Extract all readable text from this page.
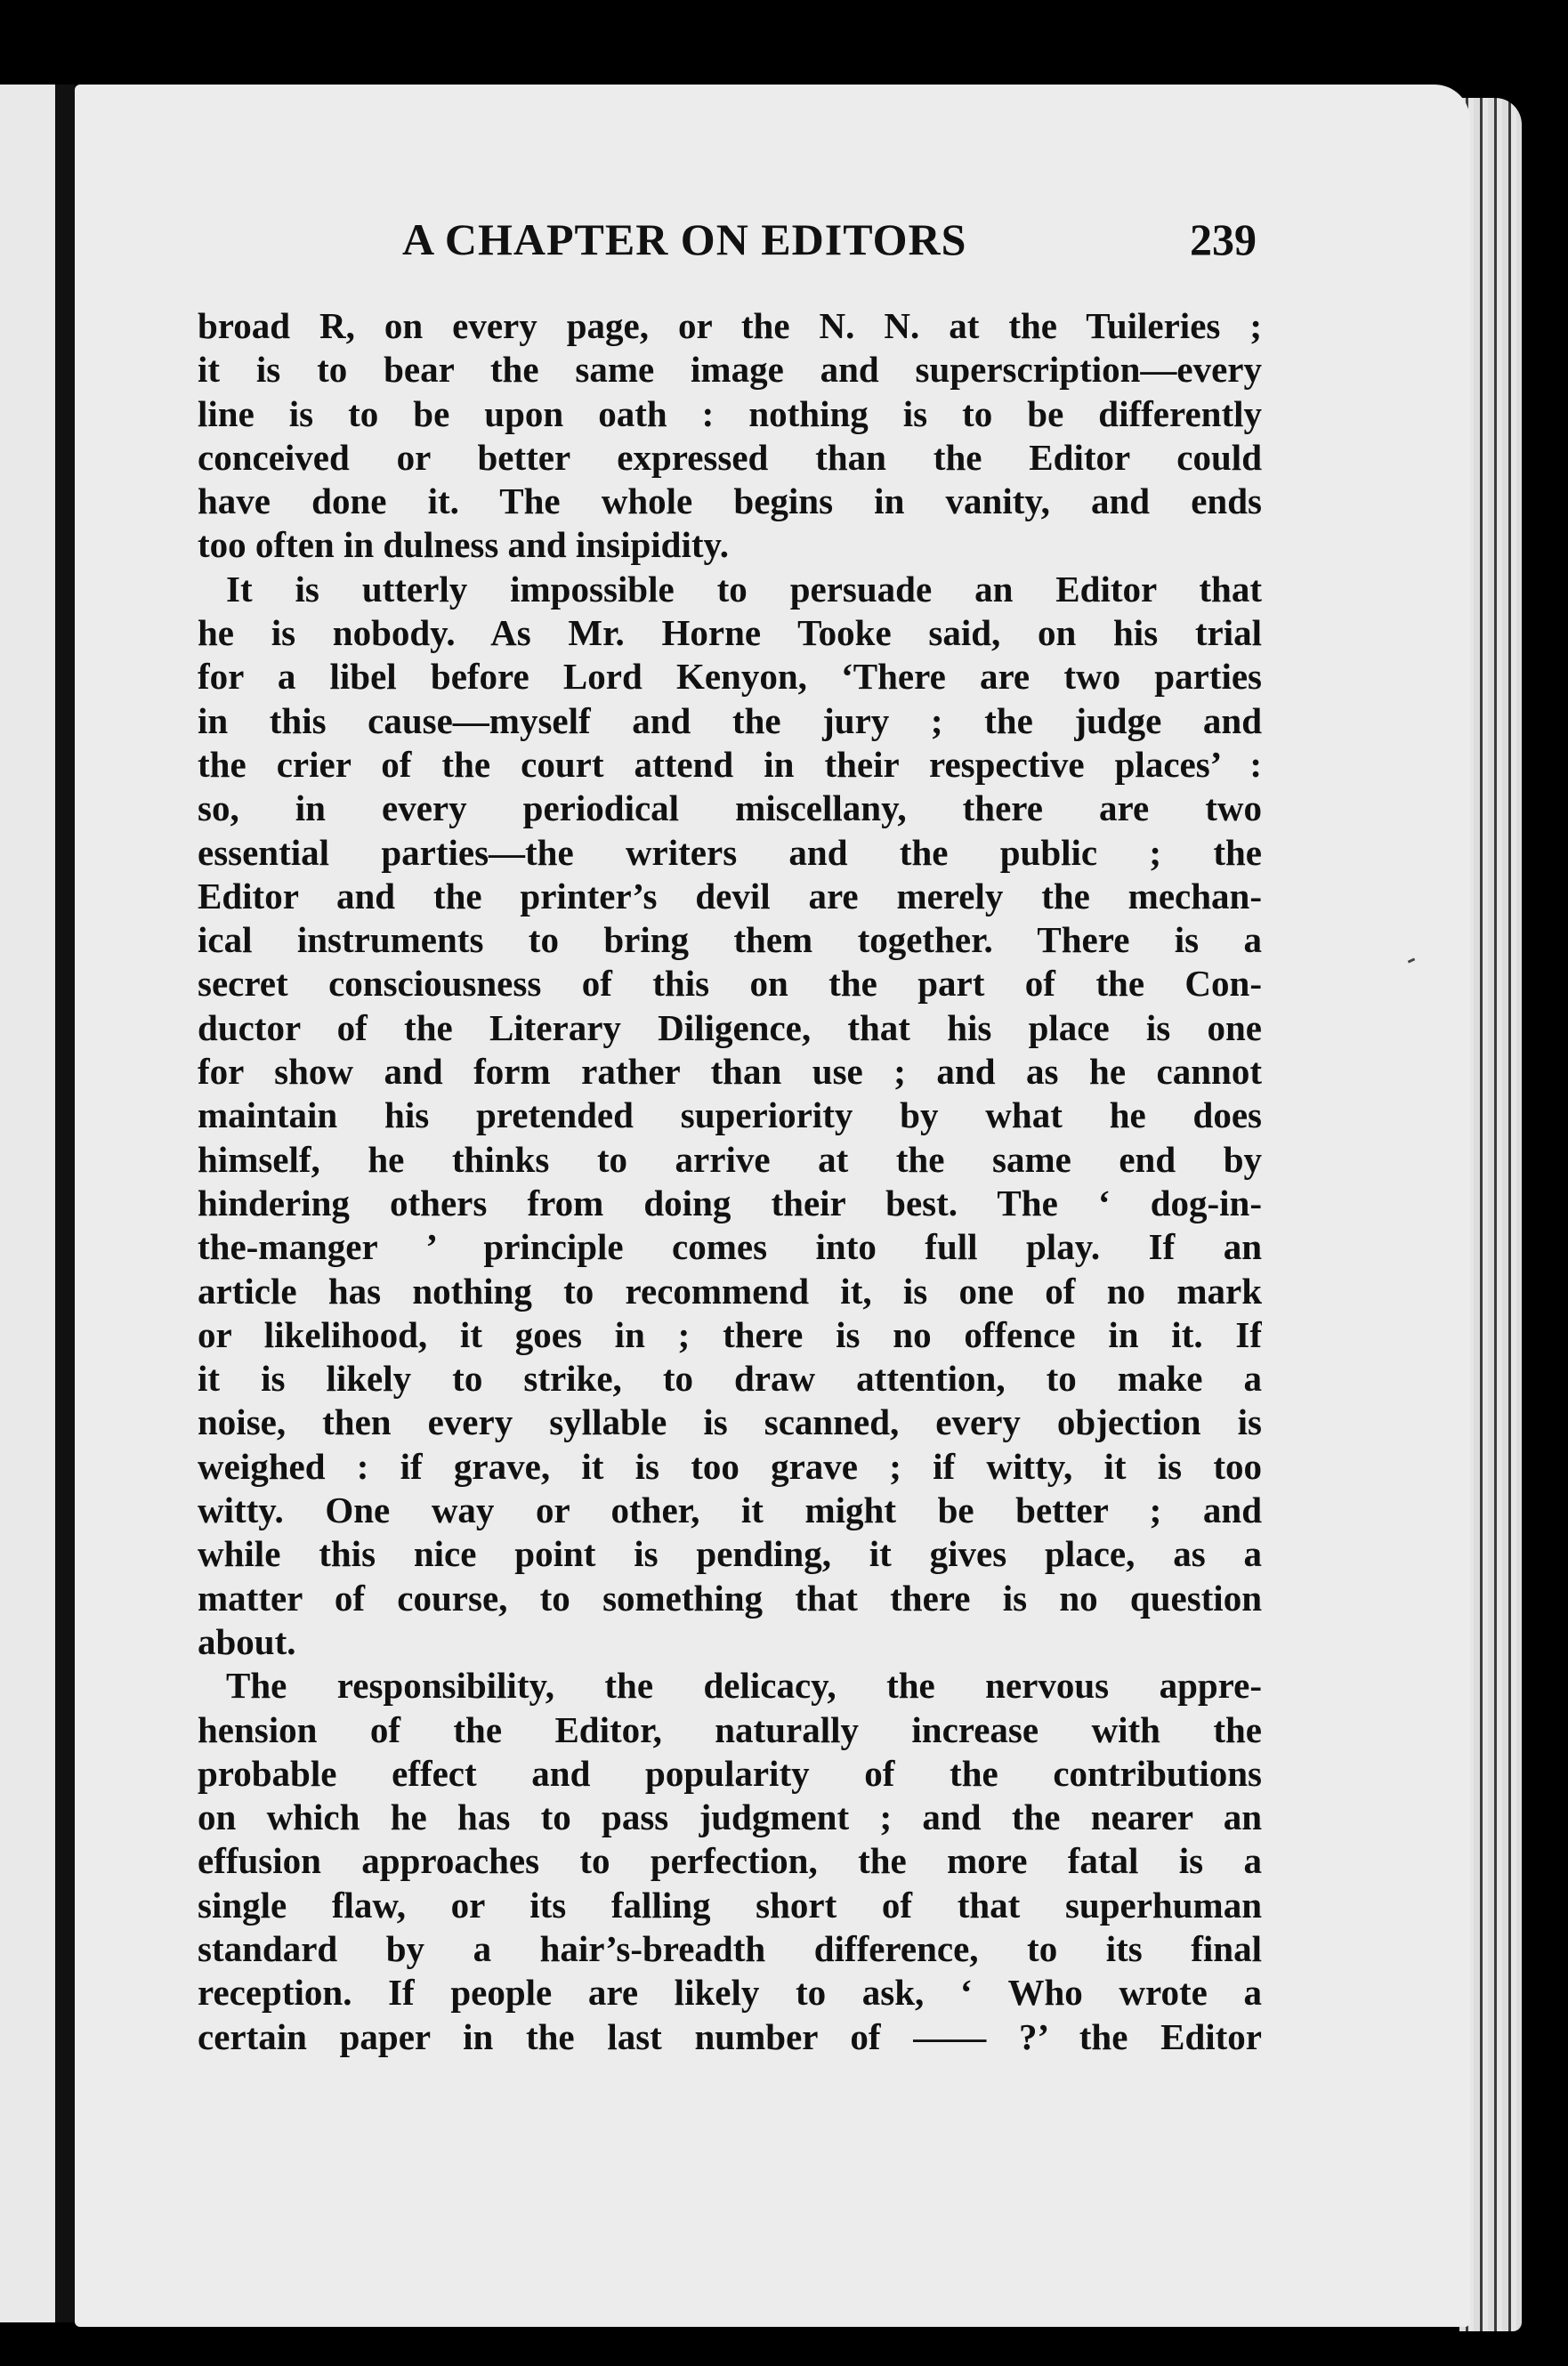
A CHAPTER ON EDITORS	239
broad R, on every page, or the N. N. at the Tuileries ;
it is to bear the same image and superscription—every
line is to be upon oath : nothing is to be differently
conceived or better expressed than the Editor could
have done it. The whole begins in vanity, and ends
too often in dulness and insipidity.
It is utterly impossible to persuade an Editor that
he is nobody. As Mr. Horne Tooke said, on his trial
for a libel before Lord Kenyon, ‘There are two parties
in this cause—myself and the jury ; the judge and
the crier of the court attend in their respective places’ :
so, in every periodical miscellany, there are two
essential parties—the writers and the public ; the
Editor and the printer’s devil are merely the mechan-
ical instruments to bring them together. There is a
secret consciousness of this on the part of the Con-
ductor of the Literary Diligence, that his place is one
for show and form rather than use ; and as he cannot
maintain his pretended superiority by what he does
himself, he thinks to arrive at the same end by
hindering others from doing their best. The ‘ dog-in-
the-manger ’ principle comes into full play. If an
article has nothing to recommend it, is one of no mark
or likelihood, it goes in ; there is no offence in it. If
it is likely to strike, to draw attention, to make a
noise, then every syllable is scanned, every objection is
weighed : if grave, it is too grave ; if witty, it is too
witty. One way or other, it might be better ; and
while this nice point is pending, it gives place, as a
matter of course, to something that there is no question
about.
The responsibility, the delicacy, the nervous appre-
hension of the Editor, naturally increase with the
probable effect and popularity of the contributions
on which he has to pass judgment ; and the nearer an
effusion approaches to perfection, the more fatal is a
single flaw, or its falling short of that superhuman
standard by a hair’s-breadth difference, to its final
reception. If people are likely to ask, ‘ Who wrote a
certain paper in the last number of —— ?’ the Editor
